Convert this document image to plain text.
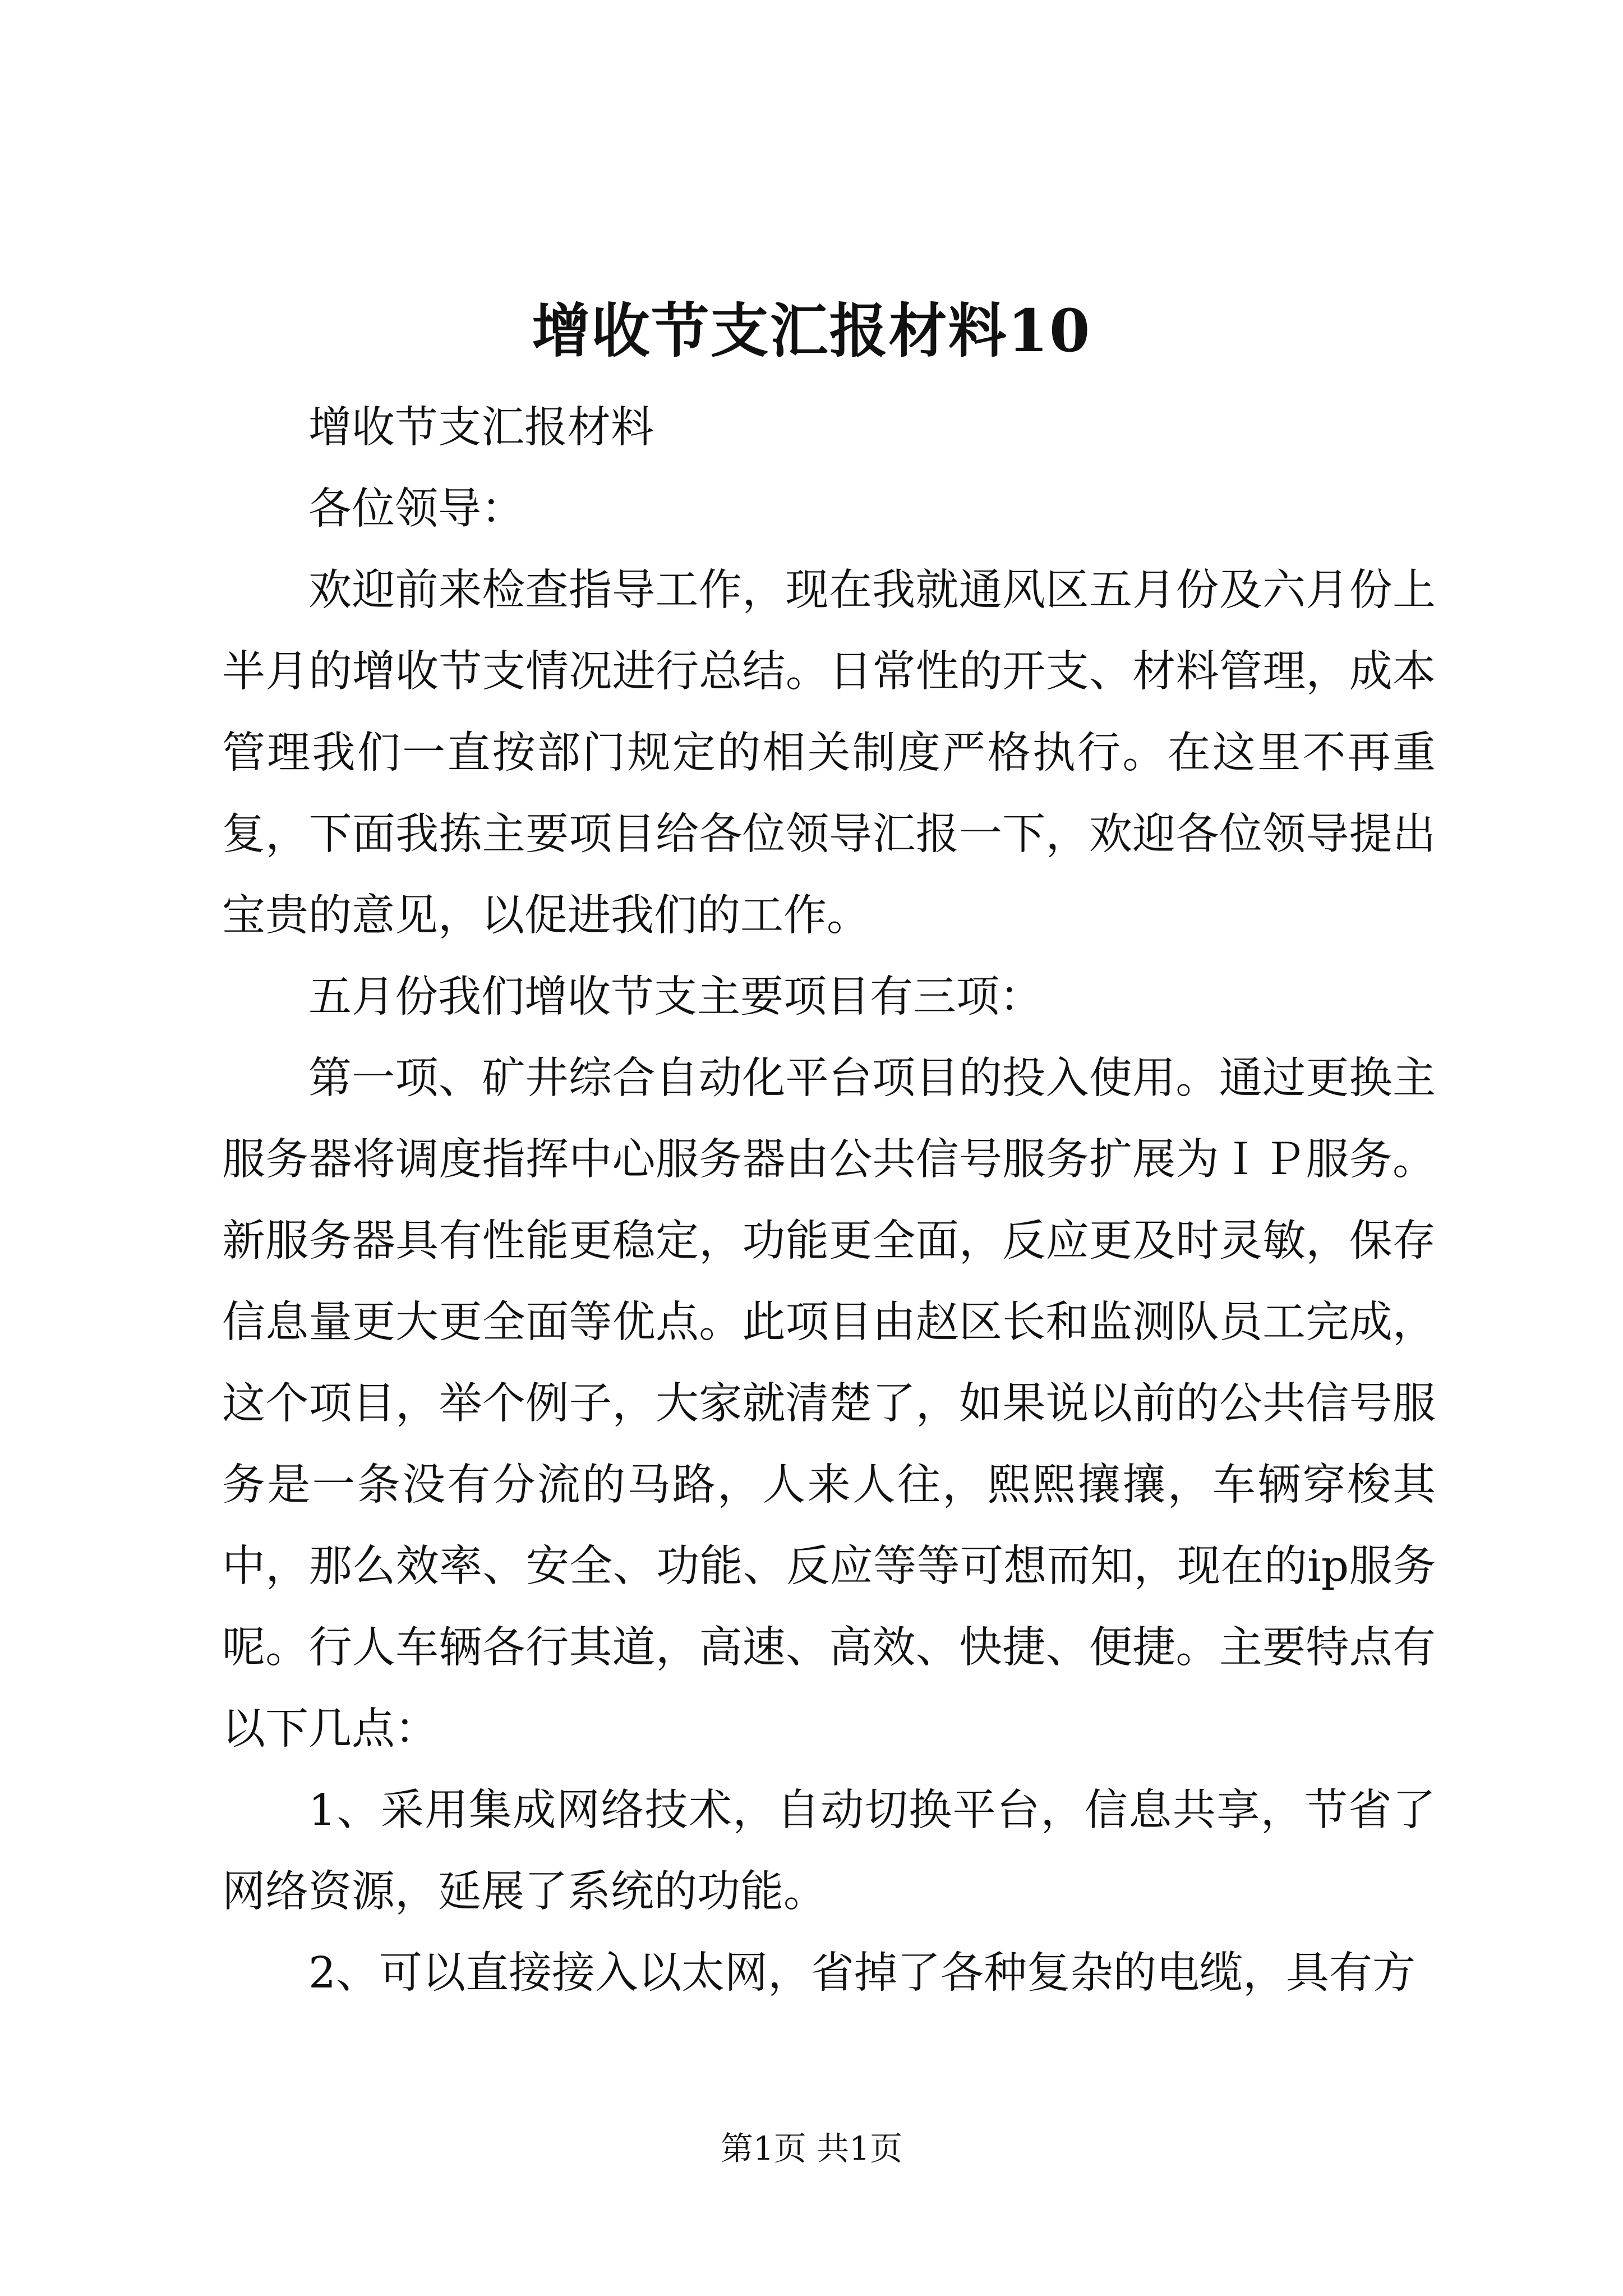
增收节支汇报材料10

增收节支汇报材料

各位领导：

欢迎前来检查指导工作，现在我就通风区五月份及六月份上半月的增收节支情况进行总结。日常性的开支、材料管理，成本管理我们一直按部门规定的相关制度严格执行。在这里不再重复，下面我拣主要项目给各位领导汇报一下，欢迎各位领导提出宝贵的意见，以促进我们的工作。

五月份我们增收节支主要项目有三项：

第一项、矿井综合自动化平台项目的投入使用。通过更换主服务器将调度指挥中心服务器由公共信号服务扩展为ＩＰ服务。新服务器具有性能更稳定，功能更全面，反应更及时灵敏，保存信息量更大更全面等优点。此项目由赵区长和监测队员工完成，这个项目，举个例子，大家就清楚了，如果说以前的公共信号服务是一条没有分流的马路，人来人往，熙熙攘攘，车辆穿梭其中，那么效率、安全、功能、反应等等可想而知，现在的ip服务呢。行人车辆各行其道，高速、高效、快捷、便捷。主要特点有以下几点：

1、采用集成网络技术，自动切换平台，信息共享，节省了网络资源，延展了系统的功能。

2、可以直接接入以太网，省掉了各种复杂的电缆，具有方

第1页 共1页
